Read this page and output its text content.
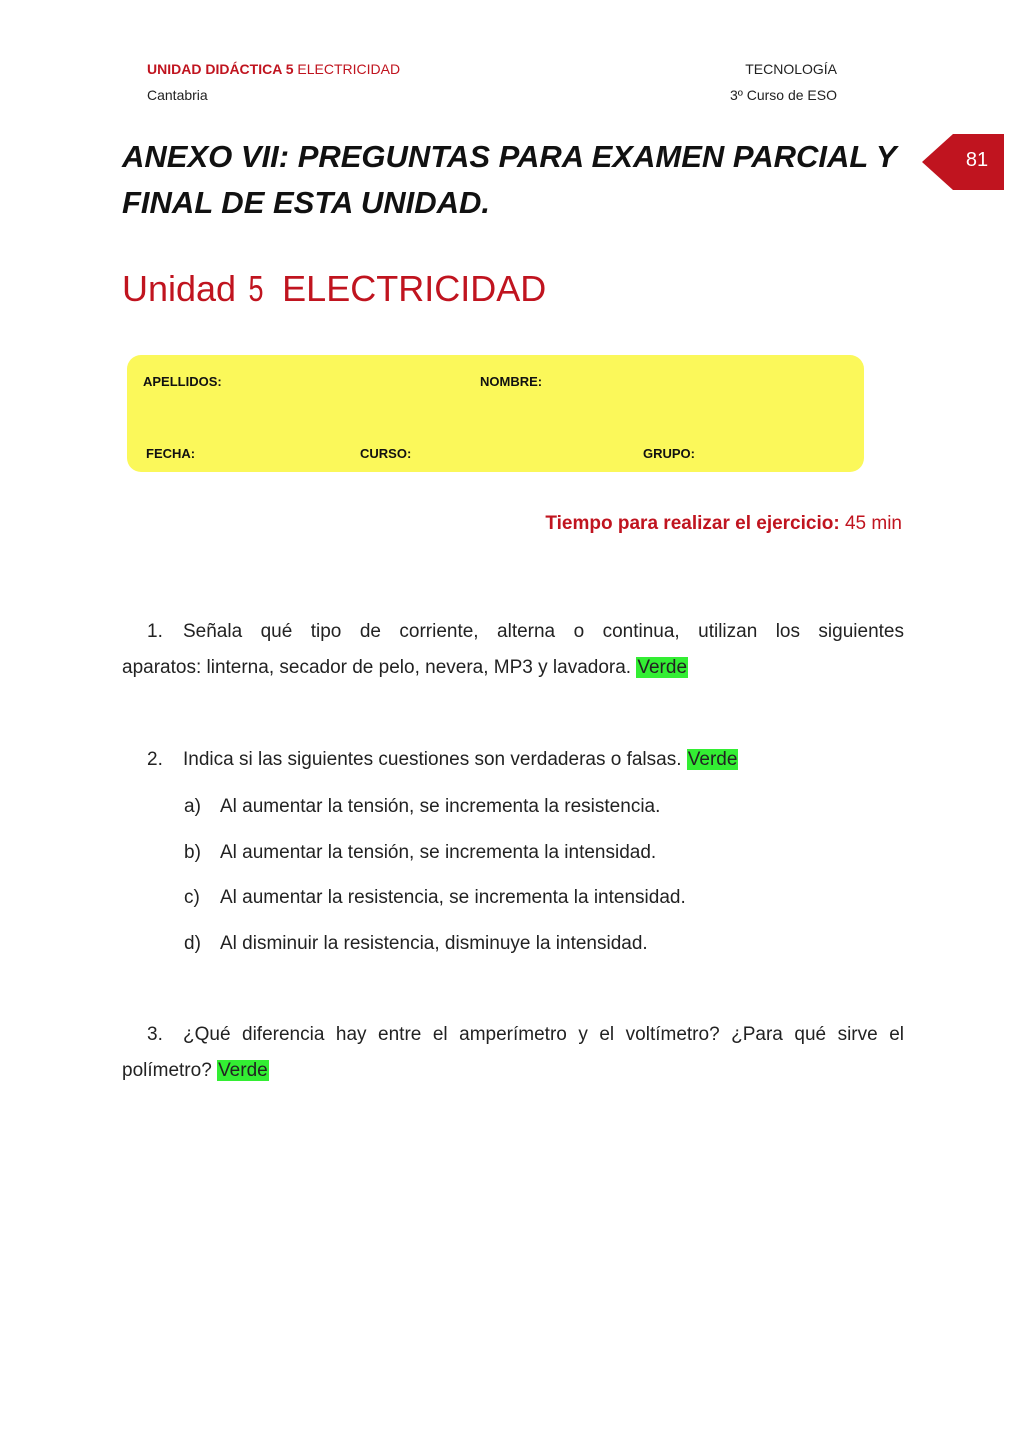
UNIDAD DIDÁCTICA 5 ELECTRICIDAD
Cantabria
TECNOLOGÍA
3º Curso de ESO
81
ANEXO VII: PREGUNTAS PARA EXAMEN PARCIAL Y FINAL DE ESTA UNIDAD.
Unidad 5 ELECTRICIDAD
APELLIDOS:	NOMBRE:
FECHA:	CURSO:	GRUPO:
Tiempo para realizar el ejercicio: 45 min
1. Señala qué tipo de corriente, alterna o continua, utilizan los siguientes
aparatos: linterna, secador de pelo, nevera, MP3 y lavadora. Verde
2. Indica si las siguientes cuestiones son verdaderas o falsas. Verde
a) Al aumentar la tensión, se incrementa la resistencia.
b) Al aumentar la tensión, se incrementa la intensidad.
c) Al aumentar la resistencia, se incrementa la intensidad.
d) Al disminuir la resistencia, disminuye la intensidad.
3. ¿Qué diferencia hay entre el amperímetro y el voltímetro? ¿Para qué sirve el
polímetro? Verde
